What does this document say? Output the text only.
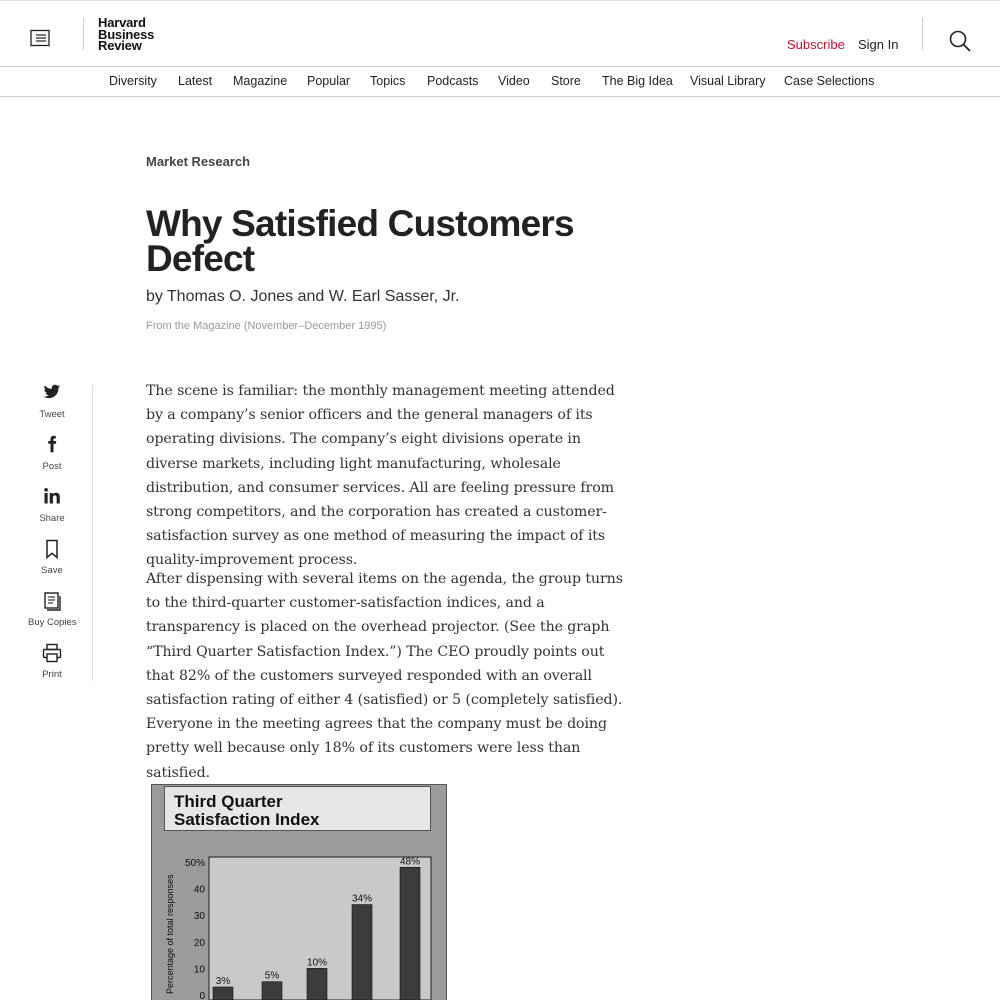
Harvard
Business
Review	Subscribe Sign In
Diversity Latest Magazine Popular Topics Podcasts Video Store The Big Idea Visual Library Case Selections
Market Research
Why Satisfied Customers Defect
by Thomas O. Jones and W. Earl Sasser, Jr.
From the Magazine (November–December 1995)
Tweet
Post
Share
Save
Buy Copies
Print

The scene is familiar: the monthly management meeting attended by a company’s senior officers and the general managers of its operating divisions. The company’s eight divisions operate in diverse markets, including light manufacturing, wholesale distribution, and consumer services. All are feeling pressure from strong competitors, and the corporation has created a customer-satisfaction survey as one method of measuring the impact of its quality-improvement process.

After dispensing with several items on the agenda, the group turns to the third-quarter customer-satisfaction indices, and a transparency is placed on the overhead projector. (See the graph “Third Quarter Satisfaction Index.”) The CEO proudly points out that 82% of the customers surveyed responded with an overall satisfaction rating of either 4 (satisfied) or 5 (completely satisfied). Everyone in the meeting agrees that the company must be doing pretty well because only 18% of its customers were less than satisfied.

Third Quarter
Satisfaction Index
50%
40
30
20
10
0
Percentage of total responses	3%	5%
10%
34%
48%
